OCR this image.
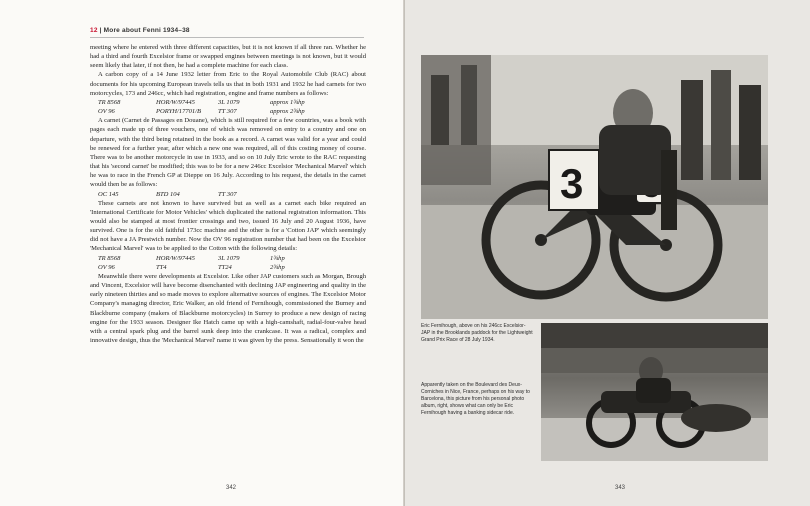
12 | More about Fenni 1934–38

meeting where he entered with three different capacities, but it is not known if all three ran. Whether he had a third and fourth Excelsior frame or swapped engines between meetings is not known, but it would seem likely that later, if not then, he had a complete machine for each class.

A carbon copy of a 14 June 1932 letter from Eric to the Royal Automobile Club (RAC) about documents for his upcoming European travels tells us that in both 1931 and 1932 he had carnets for two motorcycles, 173 and 246cc, which had registration, engine and frame numbers as follows:

TR 8568	HOR/W/97445	3L 1079	approx 1¾hp
OV 96	PORYH/17701/B	TT 307	approx 2¾hp

A carnet (Carnet de Passages en Douane), which is still required for a few countries, was a book with pages each made up of three vouchers, one of which was removed on entry to a country and one on departure, with the third being retained in the book as a record. A carnet was valid for a year and could be renewed for a further year, after which a new one was required, all of this costing money of course. There was to be another motorcycle in use in 1933, and so on 10 July Eric wrote to the RAC requesting that his 'second carnet' be modified; this was to be for a new 246cc Excelsior 'Mechanical Marvel' which he was to race in the French GP at Dieppe on 16 July. According to his request, the details in the carnet would then be as follows:

OC 145	BTD 104	TT 307

These carnets are not known to have survived but as well as a carnet each bike required an 'International Certificate for Motor Vehicles' which duplicated the national registration information. This would also be stamped at most frontier crossings and two, issued 16 July and 20 August 1936, have survived. One is for the old faithful 173cc machine and the other is for a 'Cotton JAP' which seemingly did not have a JA Prestwich number. Now the OV 96 registration number that had been on the Excelsior 'Mechanical Marvel' was to be applied to the Cotton with the following details:

TR 8568	HOR/W/97445	3L 1079	1¾hp
OV 96	TT4	TT24	2¾hp

Meanwhile there were developments at Excelsior. Like other JAP customers such as Morgan, Brough and Vincent, Excelsior will have become disenchanted with declining JAP engineering and quality in the early nineteen thirties and so made moves to explore alternative sources of engines. The Excelsior Motor Company's managing director, Eric Walker, an old friend of Fernihough, commissioned the Burney and Blackburne company (makers of Blackburne motorcycles) in Surrey to produce a new design of racing engine for the 1933 season. Designer Ike Hatch came up with a high-camshaft, radial-four-valve head with a central spark plug and the barrel sunk deep into the crankcase. It was a radical, complex and innovative design, thus the 'Mechanical Marvel' name it was given by the press. Sensationally it won the

342
3
Eric Fernihough, above on his 246cc Excelsior-JAP in the Brooklands paddock for the Lightweight Grand Prix Race of 28 July 1934.
Apparently taken on the Boulevard des Deux-Corniches in Nice, France, perhaps on his way to Barcelona, this picture from his personal photo album, right, shows what can only be Eric Fernihough having a banking sidecar ride.
343
